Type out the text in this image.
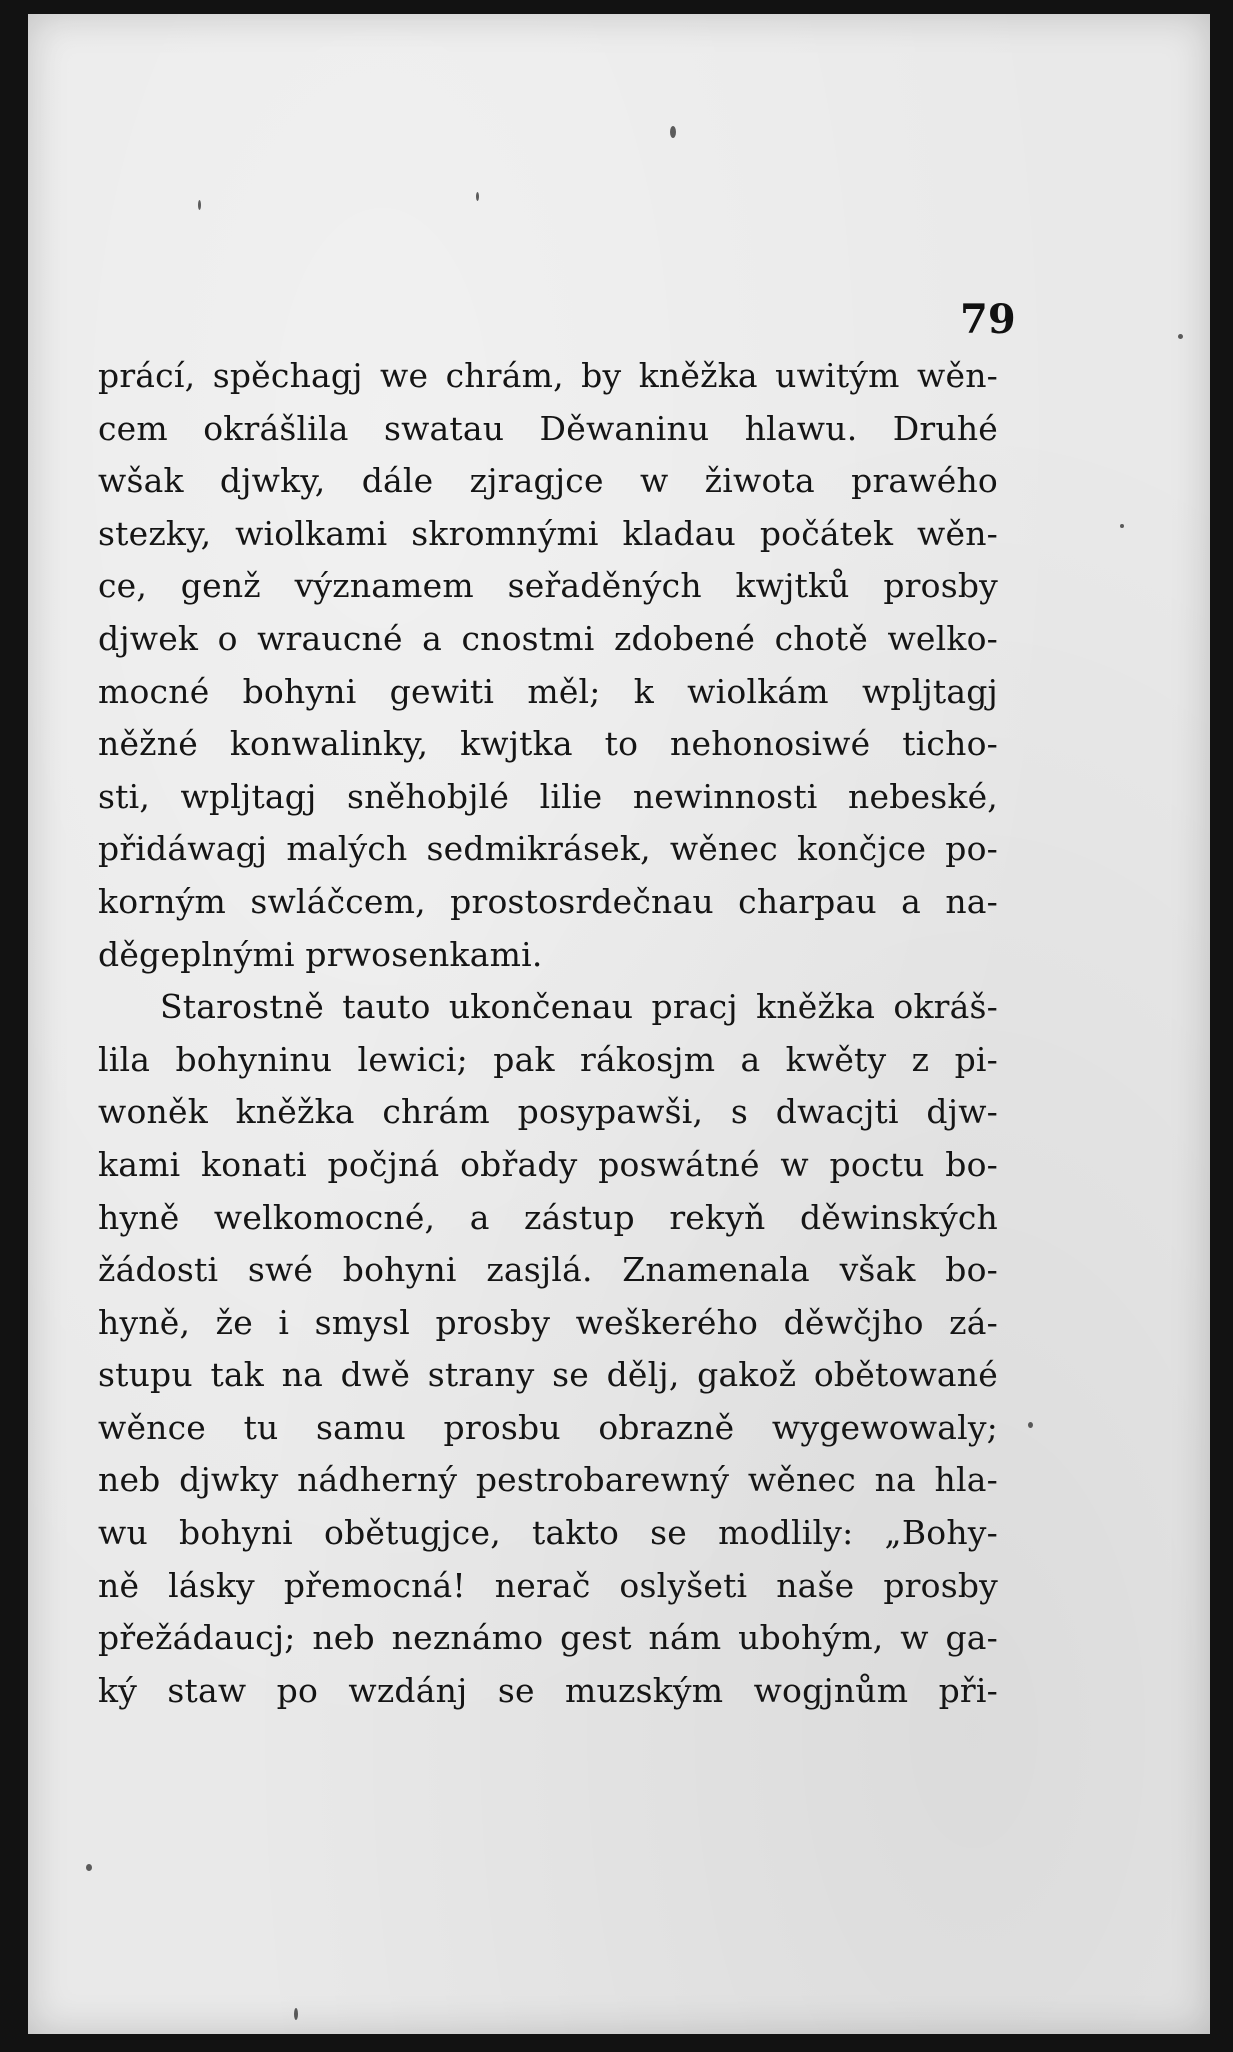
79

prácí, spěchagj we chrám, by kněžka uwitým wěn-
cem okrášlila swatau Děwaninu hlawu. Druhé
wšak djwky, dále zjragjce w žiwota prawého
stezky, wiolkami skromnými kladau počátek wěn-
ce, genž významem seřaděných kwjtků prosby
djwek o wraucné a cnostmi zdobené chotě welko-
mocné bohyni gewiti měl; k wiolkám wpljtagj
něžné konwalinky, kwjtka to nehonosiwé ticho-
sti, wpljtagj sněhobjlé lilie newinnosti nebeské,
přidáwagj malých sedmikrásek, wěnec končjce po-
korným swláčcem, prostosrdečnau charpau a na-
děgeplnými prwosenkami.
Starostně tauto ukončenau pracj kněžka okráš-
lila bohyninu lewici; pak rákosjm a kwěty z pi-
woněk kněžka chrám posypawši, s dwacjti djw-
kami konati počjná obřady poswátné w poctu bo-
hyně welkomocné, a zástup rekyň děwinských
žádosti swé bohyni zasjlá. Znamenala však bo-
hyně, že i smysl prosby weškerého děwčjho zá-
stupu tak na dwě strany se dělj, gakož obětowané
wěnce tu samu prosbu obrazně wygewowaly;
neb djwky nádherný pestrobarewný wěnec na hla-
wu bohyni obětugjce, takto se modlily: „Bohy-
ně lásky přemocná! nerač oslyšeti naše prosby
přežádaucj; neb neznámo gest nám ubohým, w ga-
ký staw po wzdánj se muzským wogjnům při-
